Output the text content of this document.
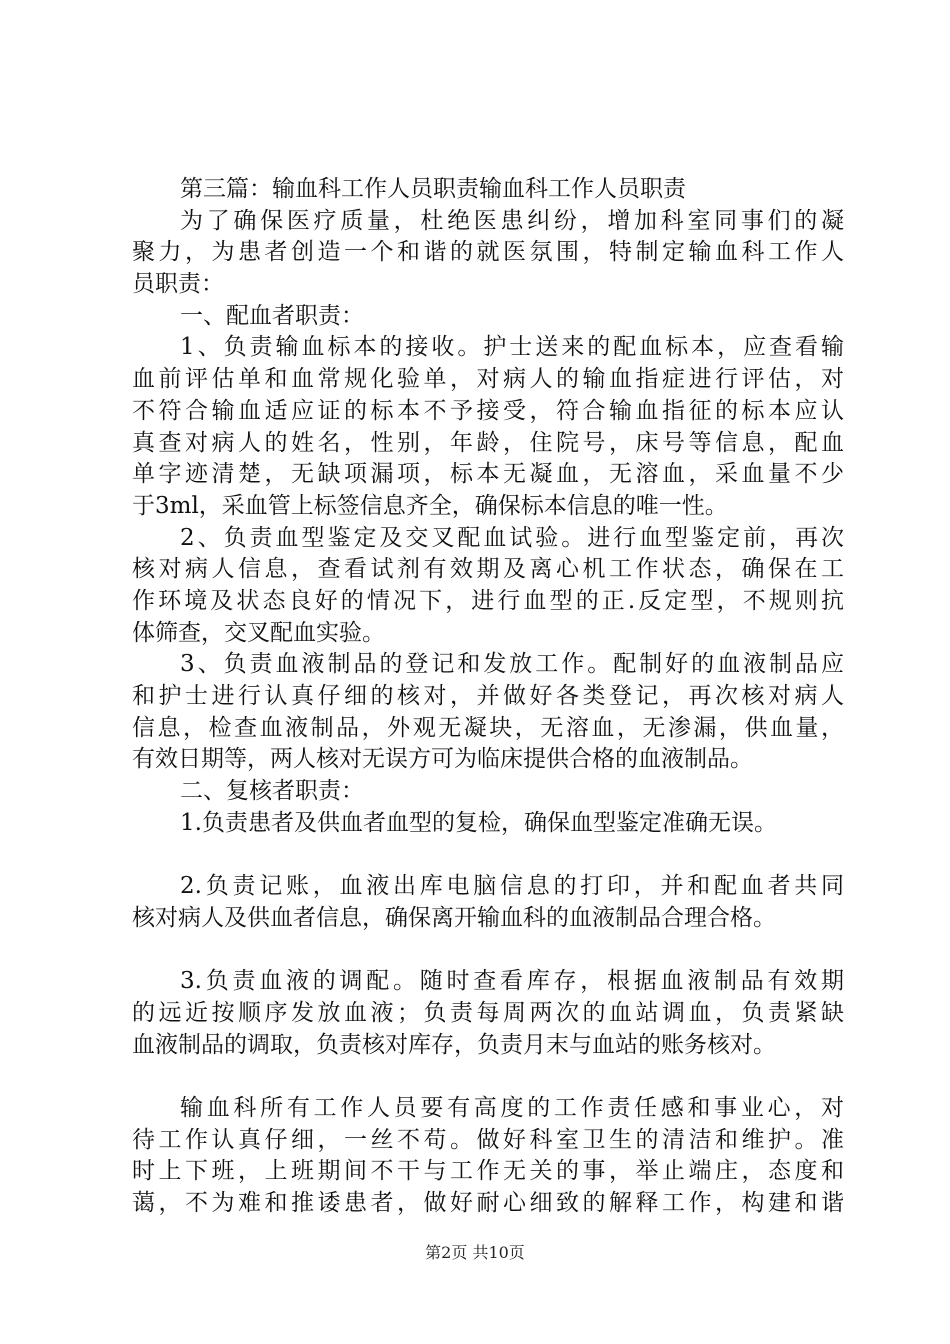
第三篇：输血科工作人员职责输血科工作人员职责
为了确保医疗质量，杜绝医患纠纷，增加科室同事们的凝
聚力，为患者创造一个和谐的就医氛围，特制定输血科工作人
员职责：
一、配血者职责：
1、负责输血标本的接收。护士送来的配血标本，应查看输
血前评估单和血常规化验单，对病人的输血指症进行评估，对
不符合输血适应证的标本不予接受，符合输血指征的标本应认
真查对病人的姓名，性别，年龄，住院号，床号等信息，配血
单字迹清楚，无缺项漏项，标本无凝血，无溶血，采血量不少
于3ml，采血管上标签信息齐全，确保标本信息的唯一性。
2、负责血型鉴定及交叉配血试验。进行血型鉴定前，再次
核对病人信息，查看试剂有效期及离心机工作状态，确保在工
作环境及状态良好的情况下，进行血型的正.反定型，不规则抗
体筛查，交叉配血实验。
3、负责血液制品的登记和发放工作。配制好的血液制品应
和护士进行认真仔细的核对，并做好各类登记，再次核对病人
信息，检查血液制品，外观无凝块，无溶血，无渗漏，供血量，
有效日期等，两人核对无误方可为临床提供合格的血液制品。
二、复核者职责：
1.负责患者及供血者血型的复检，确保血型鉴定准确无误。
2.负责记账，血液出库电脑信息的打印，并和配血者共同
核对病人及供血者信息，确保离开输血科的血液制品合理合格。
3.负责血液的调配。随时查看库存，根据血液制品有效期
的远近按顺序发放血液；负责每周两次的血站调血，负责紧缺
血液制品的调取，负责核对库存，负责月末与血站的账务核对。
输血科所有工作人员要有高度的工作责任感和事业心，对
待工作认真仔细，一丝不苟。做好科室卫生的清洁和维护。准
时上下班，上班期间不干与工作无关的事，举止端庄，态度和
蔼，不为难和推诿患者，做好耐心细致的解释工作，构建和谐
第2页 共10页
